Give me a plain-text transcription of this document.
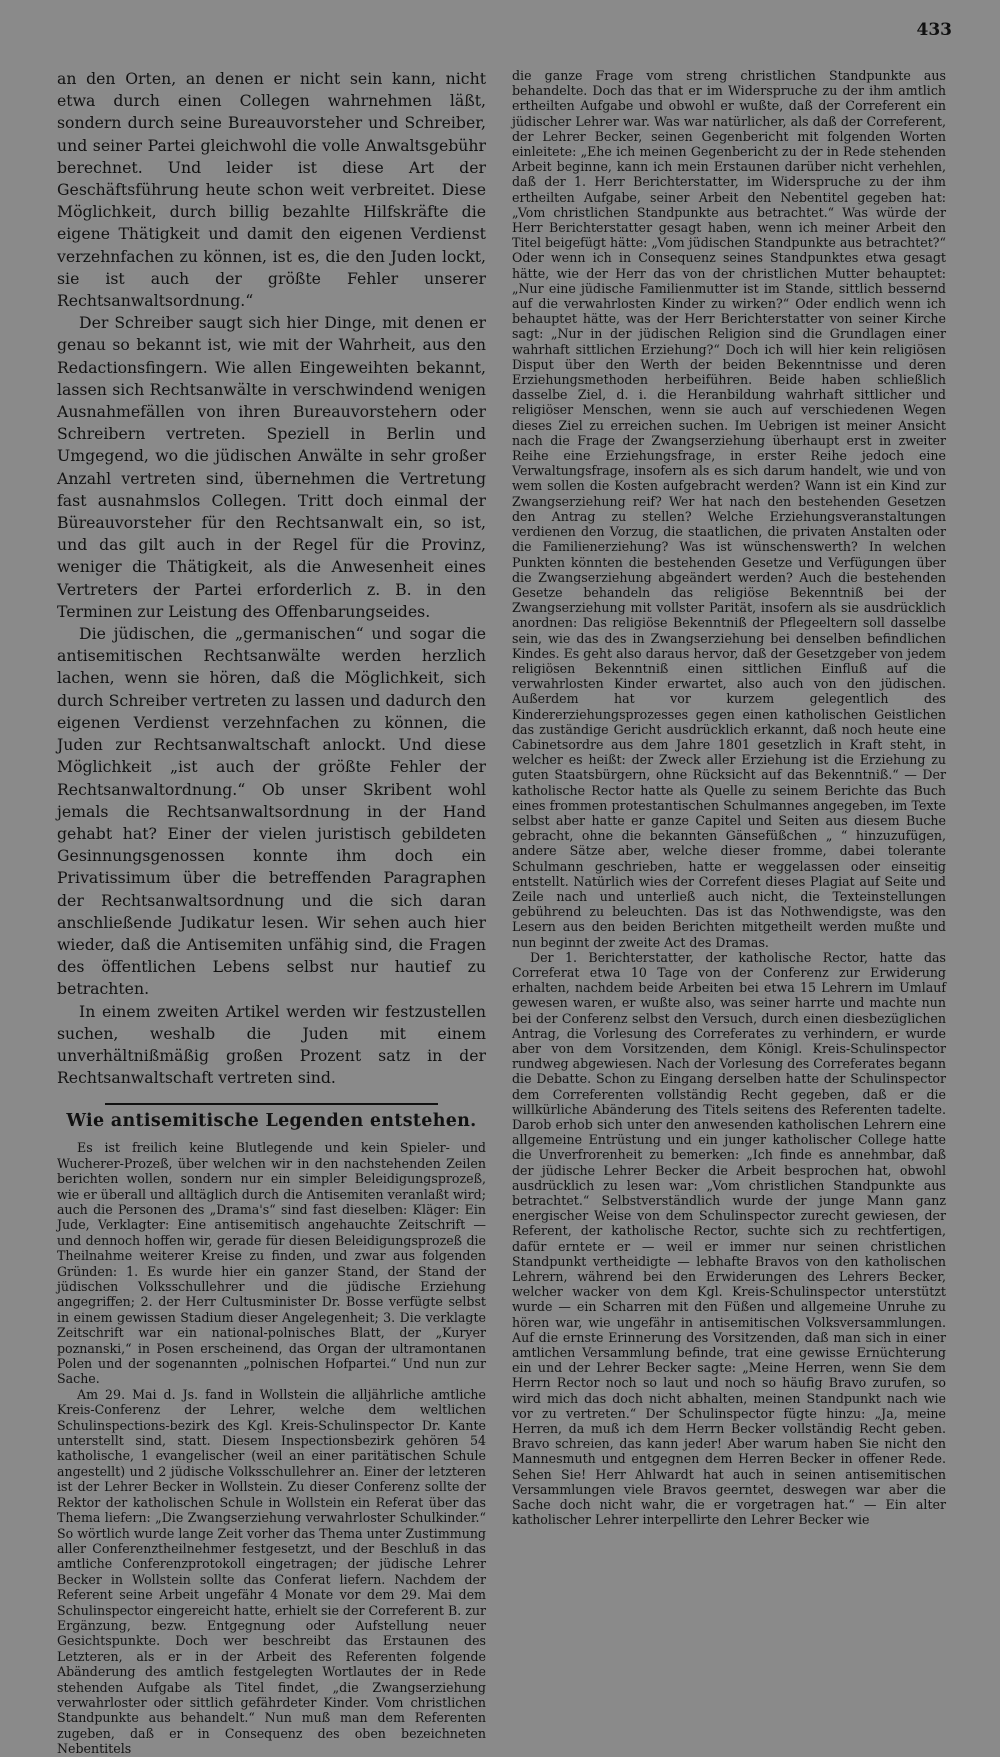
433

an den Orten, an denen er nicht sein kann, nicht etwa durch einen Collegen wahrnehmen läßt, sondern durch seine Bureauvorsteher und Schreiber, und seiner Partei gleichwohl die volle Anwaltsgebühr berechnet. Und leider ist diese Art der Geschäftsführung heute schon weit verbreitet. Diese Möglichkeit, durch billig bezahlte Hilfskräfte die eigene Thätigkeit und damit den eigenen Verdienst verzehnfachen zu können, ist es, die den Juden lockt, sie ist auch der größte Fehler unserer Rechtsanwaltsordnung.“

Der Schreiber saugt sich hier Dinge, mit denen er genau so bekannt ist, wie mit der Wahrheit, aus den Redactionsfingern. Wie allen Eingeweihten bekannt, lassen sich Rechtsanwälte in verschwindend wenigen Ausnahmefällen von ihren Bureauvorstehern oder Schreibern vertreten. Speziell in Berlin und Umgegend, wo die jüdischen Anwälte in sehr großer Anzahl vertreten sind, übernehmen die Vertretung fast ausnahmslos Collegen. Tritt doch einmal der Büreauvorsteher für den Rechtsanwalt ein, so ist, und das gilt auch in der Regel für die Provinz, weniger die Thätigkeit, als die Anwesenheit eines Vertreters der Partei erforderlich z. B. in den Terminen zur Leistung des Offenbarungseides.

Die jüdischen, die „germanischen“ und sogar die antisemitischen Rechtsanwälte werden herzlich lachen, wenn sie hören, daß die Möglichkeit, sich durch Schreiber vertreten zu lassen und dadurch den eigenen Verdienst verzehnfachen zu können, die Juden zur Rechtsanwaltschaft anlockt. Und diese Möglichkeit „ist auch der größte Fehler der Rechtsanwaltordnung.“ Ob unser Skribent wohl jemals die Rechtsanwaltsordnung in der Hand gehabt hat? Einer der vielen juristisch gebildeten Gesinnungsgenossen konnte ihm doch ein Privatissimum über die betreffenden Paragraphen der Rechtsanwaltsordnung und die sich daran anschließende Judikatur lesen. Wir sehen auch hier wieder, daß die Antisemiten unfähig sind, die Fragen des öffentlichen Lebens selbst nur hautief zu betrachten.

In einem zweiten Artikel werden wir festzustellen suchen, weshalb die Juden mit einem unverhältnißmäßig großen Prozent satz in der Rechtsanwaltschaft vertreten sind.

Wie antisemitische Legenden entstehen.

Es ist freilich keine Blutlegende und kein Spieler- und Wucherer-Prozeß, über welchen wir in den nachstehenden Zeilen berichten wollen, sondern nur ein simpler Beleidigungsprozeß, wie er überall und alltäglich durch die Antisemiten veranlaßt wird; auch die Personen des „Drama's“ sind fast dieselben: Kläger: Ein Jude, Verklagter: Eine antisemitisch angehauchte Zeitschrift — und dennoch hoffen wir, gerade für diesen Beleidigungsprozeß die Theilnahme weiterer Kreise zu finden, und zwar aus folgenden Gründen: 1. Es wurde hier ein ganzer Stand, der Stand der jüdischen Volksschullehrer und die jüdische Erziehung angegriffen; 2. der Herr Cultusminister Dr. Bosse verfügte selbst in einem gewissen Stadium dieser Angelegenheit; 3. Die verklagte Zeitschrift war ein national-polnisches Blatt, der „Kuryer poznanski,“ in Posen erscheinend, das Organ der ultramontanen Polen und der sogenannten „polnischen Hofpartei.“ Und nun zur Sache.

Am 29. Mai d. Js. fand in Wollstein die alljährliche amtliche Kreis-Conferenz der Lehrer, welche dem weltlichen Schulinspections-bezirk des Kgl. Kreis-Schulinspector Dr. Kante unterstellt sind, statt. Diesem Inspectionsbezirk gehören 54 katholische, 1 evangelischer (weil an einer paritätischen Schule angestellt) und 2 jüdische Volksschullehrer an. Einer der letzteren ist der Lehrer Becker in Wollstein. Zu dieser Conferenz sollte der Rektor der katholischen Schule in Wollstein ein Referat über das Thema liefern: „Die Zwangserziehung verwahrloster Schulkinder.“ So wörtlich wurde lange Zeit vorher das Thema unter Zustimmung aller Conferenztheilnehmer festgesetzt, und der Beschluß in das amtliche Conferenzprotokoll eingetragen; der jüdische Lehrer Becker in Wollstein sollte das Conferat liefern. Nachdem der Referent seine Arbeit ungefähr 4 Monate vor dem 29. Mai dem Schulinspector eingereicht hatte, erhielt sie der Correferent B. zur Ergänzung, bezw. Entgegnung oder Aufstellung neuer Gesichtspunkte. Doch wer beschreibt das Erstaunen des Letzteren, als er in der Arbeit des Referenten folgende Abänderung des amtlich festgelegten Wortlautes der in Rede stehenden Aufgabe als Titel findet, „die Zwangserziehung verwahrloster oder sittlich gefährdeter Kinder. Vom christlichen Standpunkte aus behandelt.“ Nun muß man dem Referenten zugeben, daß er in Consequenz des oben bezeichneten Nebentitels

die ganze Frage vom streng christlichen Standpunkte aus behandelte. Doch das that er im Widerspruche zu der ihm amtlich ertheilten Aufgabe und obwohl er wußte, daß der Correferent ein jüdischer Lehrer war. Was war natürlicher, als daß der Correferent, der Lehrer Becker, seinen Gegenbericht mit folgenden Worten einleitete: „Ehe ich meinen Gegenbericht zu der in Rede stehenden Arbeit beginne, kann ich mein Erstaunen darüber nicht verhehlen, daß der 1. Herr Berichterstatter, im Widerspruche zu der ihm ertheilten Aufgabe, seiner Arbeit den Nebentitel gegeben hat: „Vom christlichen Standpunkte aus betrachtet.“ Was würde der Herr Berichterstatter gesagt haben, wenn ich meiner Arbeit den Titel beigefügt hätte: „Vom jüdischen Standpunkte aus betrachtet?“ Oder wenn ich in Consequenz seines Standpunktes etwa gesagt hätte, wie der Herr das von der christlichen Mutter behauptet: „Nur eine jüdische Familienmutter ist im Stande, sittlich bessernd auf die verwahrlosten Kinder zu wirken?“ Oder endlich wenn ich behauptet hätte, was der Herr Berichterstatter von seiner Kirche sagt: „Nur in der jüdischen Religion sind die Grundlagen einer wahrhaft sittlichen Erziehung?“ Doch ich will hier kein religiösen Disput über den Werth der beiden Bekenntnisse und deren Erziehungsmethoden herbeiführen. Beide haben schließlich dasselbe Ziel, d. i. die Heranbildung wahrhaft sittlicher und religiöser Menschen, wenn sie auch auf verschiedenen Wegen dieses Ziel zu erreichen suchen. Im Uebrigen ist meiner Ansicht nach die Frage der Zwangserziehung überhaupt erst in zweiter Reihe eine Erziehungsfrage, in erster Reihe jedoch eine Verwaltungsfrage, insofern als es sich darum handelt, wie und von wem sollen die Kosten aufgebracht werden? Wann ist ein Kind zur Zwangserziehung reif? Wer hat nach den bestehenden Gesetzen den Antrag zu stellen? Welche Erziehungsveranstaltungen verdienen den Vorzug, die staatlichen, die privaten Anstalten oder die Familienerziehung? Was ist wünschenswerth? In welchen Punkten könnten die bestehenden Gesetze und Verfügungen über die Zwangserziehung abgeändert werden? Auch die bestehenden Gesetze behandeln das religiöse Bekenntniß bei der Zwangserziehung mit vollster Parität, insofern als sie ausdrücklich anordnen: Das religiöse Bekenntniß der Pflegeeltern soll dasselbe sein, wie das des in Zwangserziehung bei denselben befindlichen Kindes. Es geht also daraus hervor, daß der Gesetzgeber von jedem religiösen Bekenntniß einen sittlichen Einfluß auf die verwahrlosten Kinder erwartet, also auch von den jüdischen. Außerdem hat vor kurzem gelegentlich des Kindererziehungsprozesses gegen einen katholischen Geistlichen das zuständige Gericht ausdrücklich erkannt, daß noch heute eine Cabinetsordre aus dem Jahre 1801 gesetzlich in Kraft steht, in welcher es heißt: der Zweck aller Erziehung ist die Erziehung zu guten Staatsbürgern, ohne Rücksicht auf das Bekenntniß.“ — Der katholische Rector hatte als Quelle zu seinem Berichte das Buch eines frommen protestantischen Schulmannes angegeben, im Texte selbst aber hatte er ganze Capitel und Seiten aus diesem Buche gebracht, ohne die bekannten Gänsefüßchen „ “ hinzuzufügen, andere Sätze aber, welche dieser fromme, dabei tolerante Schulmann geschrieben, hatte er weggelassen oder einseitig entstellt. Natürlich wies der Correfent dieses Plagiat auf Seite und Zeile nach und unterließ auch nicht, die Texteinstellungen gebührend zu beleuchten. Das ist das Nothwendigste, was den Lesern aus den beiden Berichten mitgetheilt werden mußte und nun beginnt der zweite Act des Dramas.

Der 1. Berichterstatter, der katholische Rector, hatte das Correferat etwa 10 Tage von der Conferenz zur Erwiderung erhalten, nachdem beide Arbeiten bei etwa 15 Lehrern im Umlauf gewesen waren, er wußte also, was seiner harrte und machte nun bei der Conferenz selbst den Versuch, durch einen diesbezüglichen Antrag, die Vorlesung des Correferates zu verhindern, er wurde aber von dem Vorsitzenden, dem Königl. Kreis-Schulinspector rundweg abgewiesen. Nach der Vorlesung des Correferates begann die Debatte. Schon zu Eingang derselben hatte der Schulinspector dem Correferenten vollständig Recht gegeben, daß er die willkürliche Abänderung des Titels seitens des Referenten tadelte. Darob erhob sich unter den anwesenden katholischen Lehrern eine allgemeine Entrüstung und ein junger katholischer College hatte die Unverfrorenheit zu bemerken: „Ich finde es annehmbar, daß der jüdische Lehrer Becker die Arbeit besprochen hat, obwohl ausdrücklich zu lesen war: „Vom christlichen Standpunkte aus betrachtet.“ Selbstverständlich wurde der junge Mann ganz energischer Weise von dem Schulinspector zurecht gewiesen, der Referent, der katholische Rector, suchte sich zu rechtfertigen, dafür erntete er — weil er immer nur seinen christlichen Standpunkt vertheidigte — lebhafte Bravos von den katholischen Lehrern, während bei den Erwiderungen des Lehrers Becker, welcher wacker von dem Kgl. Kreis-Schulinspector unterstützt wurde — ein Scharren mit den Füßen und allgemeine Unruhe zu hören war, wie ungefähr in antisemitischen Volksversammlungen. Auf die ernste Erinnerung des Vorsitzenden, daß man sich in einer amtlichen Versammlung befinde, trat eine gewisse Ernüchterung ein und der Lehrer Becker sagte: „Meine Herren, wenn Sie dem Herrn Rector noch so laut und noch so häufig Bravo zurufen, so wird mich das doch nicht abhalten, meinen Standpunkt nach wie vor zu vertreten.“ Der Schulinspector fügte hinzu: „Ja, meine Herren, da muß ich dem Herrn Becker vollständig Recht geben. Bravo schreien, das kann jeder! Aber warum haben Sie nicht den Mannesmuth und entgegnen dem Herren Becker in offener Rede. Sehen Sie! Herr Ahlwardt hat auch in seinen antisemitischen Versammlungen viele Bravos geerntet, deswegen war aber die Sache doch nicht wahr, die er vorgetragen hat.“ — Ein alter katholischer Lehrer interpellirte den Lehrer Becker wie
